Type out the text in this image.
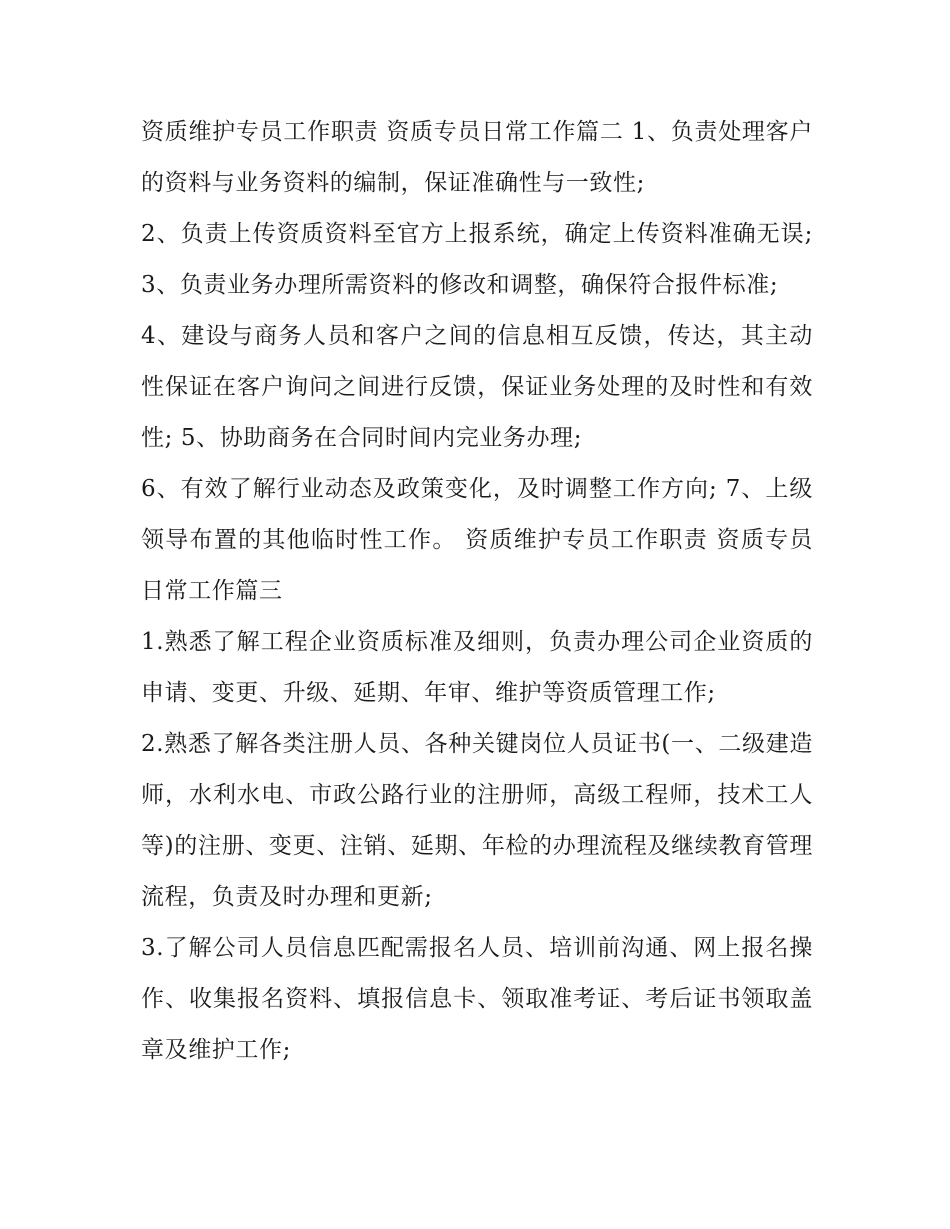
资质维护专员工作职责 资质专员日常工作篇二 1、负责处理客户的资料与业务资料的编制，保证准确性与一致性;

2、负责上传资质资料至官方上报系统，确定上传资料准确无误; 3、负责业务办理所需资料的修改和调整，确保符合报件标准;

4、建设与商务人员和客户之间的信息相互反馈，传达，其主动性保证在客户询问之间进行反馈，保证业务处理的及时性和有效性; 5、协助商务在合同时间内完业务办理;

6、有效了解行业动态及政策变化，及时调整工作方向; 7、上级领导布置的其他临时性工作。 资质维护专员工作职责 资质专员日常工作篇三

1.熟悉了解工程企业资质标准及细则，负责办理公司企业资质的申请、变更、升级、延期、年审、维护等资质管理工作;

2.熟悉了解各类注册人员、各种关键岗位人员证书(一、二级建造师，水利水电、市政公路行业的注册师，高级工程师，技术工人等)的注册、变更、注销、延期、年检的办理流程及继续教育管理流程，负责及时办理和更新;

3.了解公司人员信息匹配需报名人员、培训前沟通、网上报名操作、收集报名资料、填报信息卡、领取准考证、考后证书领取盖章及维护工作;
